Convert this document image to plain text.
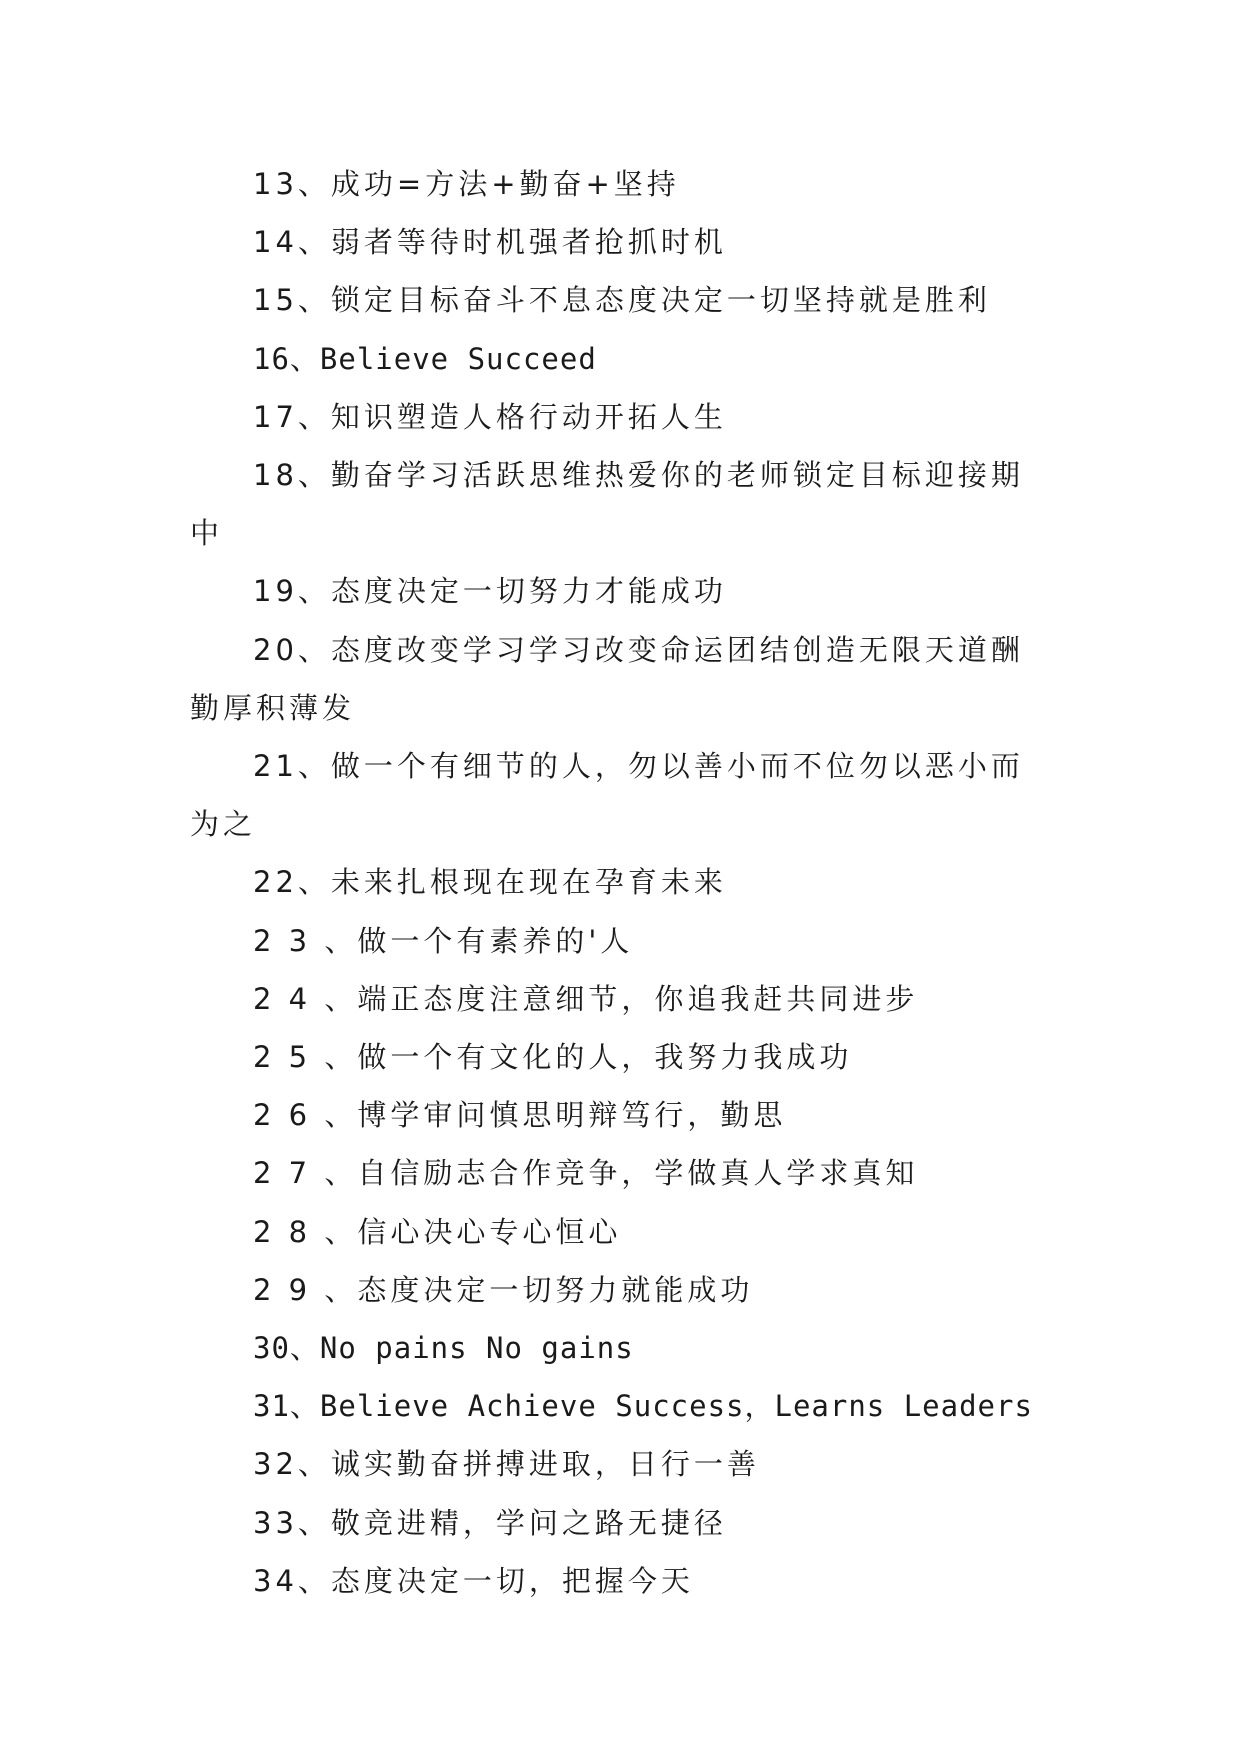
13、成功=方法+勤奋+坚持

14、弱者等待时机强者抢抓时机

15、锁定目标奋斗不息态度决定一切坚持就是胜利

16、Believe Succeed

17、知识塑造人格行动开拓人生

18、勤奋学习活跃思维热爱你的老师锁定目标迎接期中

19、态度决定一切努力才能成功

20、态度改变学习学习改变命运团结创造无限天道酬勤厚积薄发

21、做一个有细节的人，勿以善小而不位勿以恶小而为之

22、未来扎根现在现在孕育未来

2 3 、做一个有素养的'人

2 4 、端正态度注意细节，你追我赶共同进步

2 5 、做一个有文化的人，我努力我成功

2 6 、博学审问慎思明辩笃行，勤思

2 7 、自信励志合作竞争，学做真人学求真知

2 8 、信心决心专心恒心

2 9 、态度决定一切努力就能成功

30、No pains No gains

31、Believe Achieve Success，Learns Leaders

32、诚实勤奋拼搏进取，日行一善

33、敬竞进精，学问之路无捷径

34、态度决定一切，把握今天
